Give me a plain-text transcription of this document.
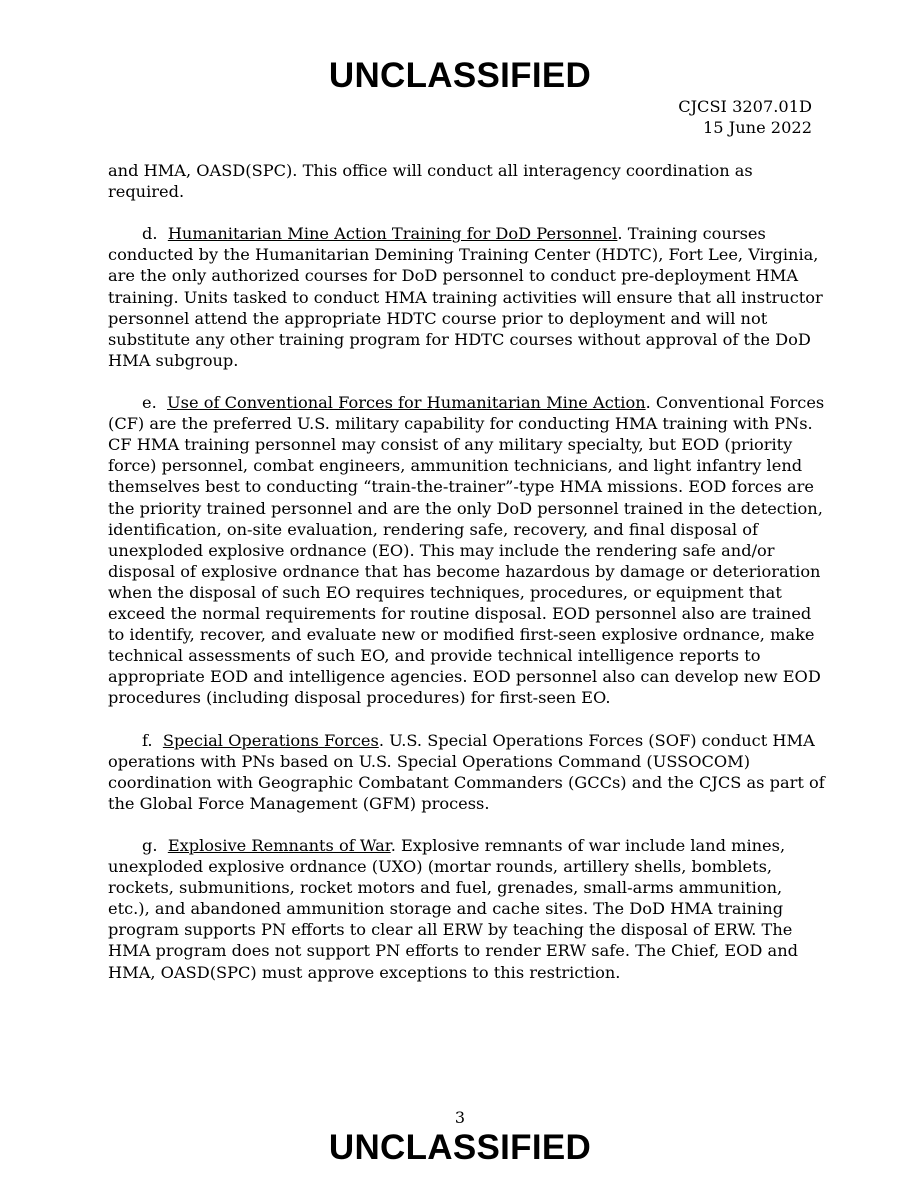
UNCLASSIFIED
CJCSI 3207.01D
15 June 2022

and HMA, OASD(SPC). This office will conduct all interagency coordination as required.

d. Humanitarian Mine Action Training for DoD Personnel. Training courses conducted by the Humanitarian Demining Training Center (HDTC), Fort Lee, Virginia, are the only authorized courses for DoD personnel to conduct pre-deployment HMA training. Units tasked to conduct HMA training activities will ensure that all instructor personnel attend the appropriate HDTC course prior to deployment and will not substitute any other training program for HDTC courses without approval of the DoD HMA subgroup.

e. Use of Conventional Forces for Humanitarian Mine Action. Conventional Forces (CF) are the preferred U.S. military capability for conducting HMA training with PNs. CF HMA training personnel may consist of any military specialty, but EOD (priority force) personnel, combat engineers, ammunition technicians, and light infantry lend themselves best to conducting “train-the-trainer”-type HMA missions. EOD forces are the priority trained personnel and are the only DoD personnel trained in the detection, identification, on-site evaluation, rendering safe, recovery, and final disposal of unexploded explosive ordnance (EO). This may include the rendering safe and/or disposal of explosive ordnance that has become hazardous by damage or deterioration when the disposal of such EO requires techniques, procedures, or equipment that exceed the normal requirements for routine disposal. EOD personnel also are trained to identify, recover, and evaluate new or modified first-seen explosive ordnance, make technical assessments of such EO, and provide technical intelligence reports to appropriate EOD and intelligence agencies. EOD personnel also can develop new EOD procedures (including disposal procedures) for first-seen EO.

f. Special Operations Forces. U.S. Special Operations Forces (SOF) conduct HMA operations with PNs based on U.S. Special Operations Command (USSOCOM) coordination with Geographic Combatant Commanders (GCCs) and the CJCS as part of the Global Force Management (GFM) process.

g. Explosive Remnants of War. Explosive remnants of war include land mines, unexploded explosive ordnance (UXO) (mortar rounds, artillery shells, bomblets, rockets, submunitions, rocket motors and fuel, grenades, small-arms ammunition, etc.), and abandoned ammunition storage and cache sites. The DoD HMA training program supports PN efforts to clear all ERW by teaching the disposal of ERW. The HMA program does not support PN efforts to render ERW safe. The Chief, EOD and HMA, OASD(SPC) must approve exceptions to this restriction.

3
UNCLASSIFIED
